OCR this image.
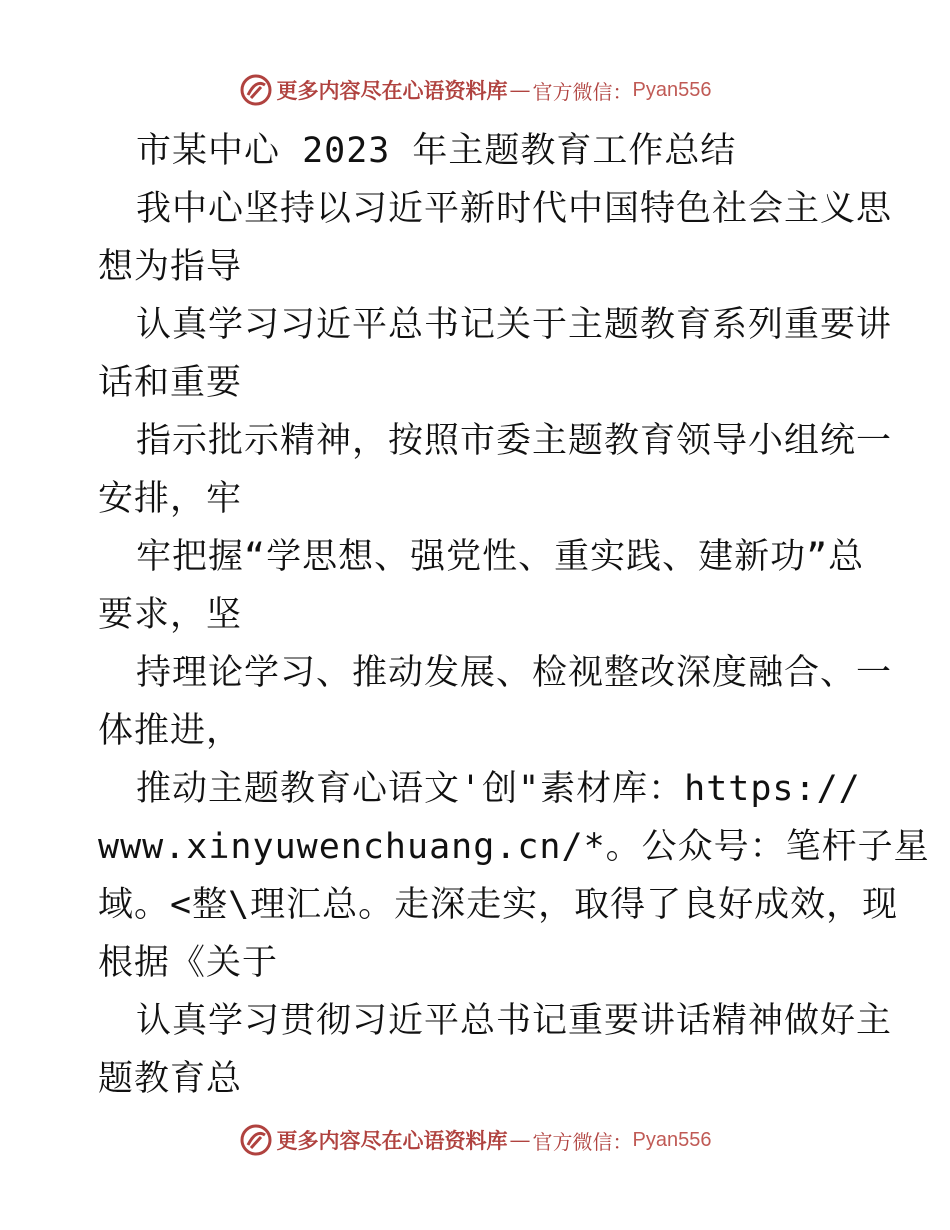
更多内容尽在心语资料库 — 官方微信： Pyan556
市某中心 2023 年主题教育工作总结
我中心坚持以习近平新时代中国特色社会主义思
想为指导
认真学习习近平总书记关于主题教育系列重要讲
话和重要
指示批示精神，按照市委主题教育领导小组统一
安排，牢
牢把握“学思想、强党性、重实践、建新功”总
要求，坚
持理论学习、推动发展、检视整改深度融合、一
体推进，
推动主题教育心语文'创"素材库：https://
www.xinyuwenchuang.cn/*。公众号：笔杆子星
域。<整\理汇总。走深走实，取得了良好成效，现
根据《关于
认真学习贯彻习近平总书记重要讲话精神做好主
题教育总
更多内容尽在心语资料库 — 官方微信： Pyan556
